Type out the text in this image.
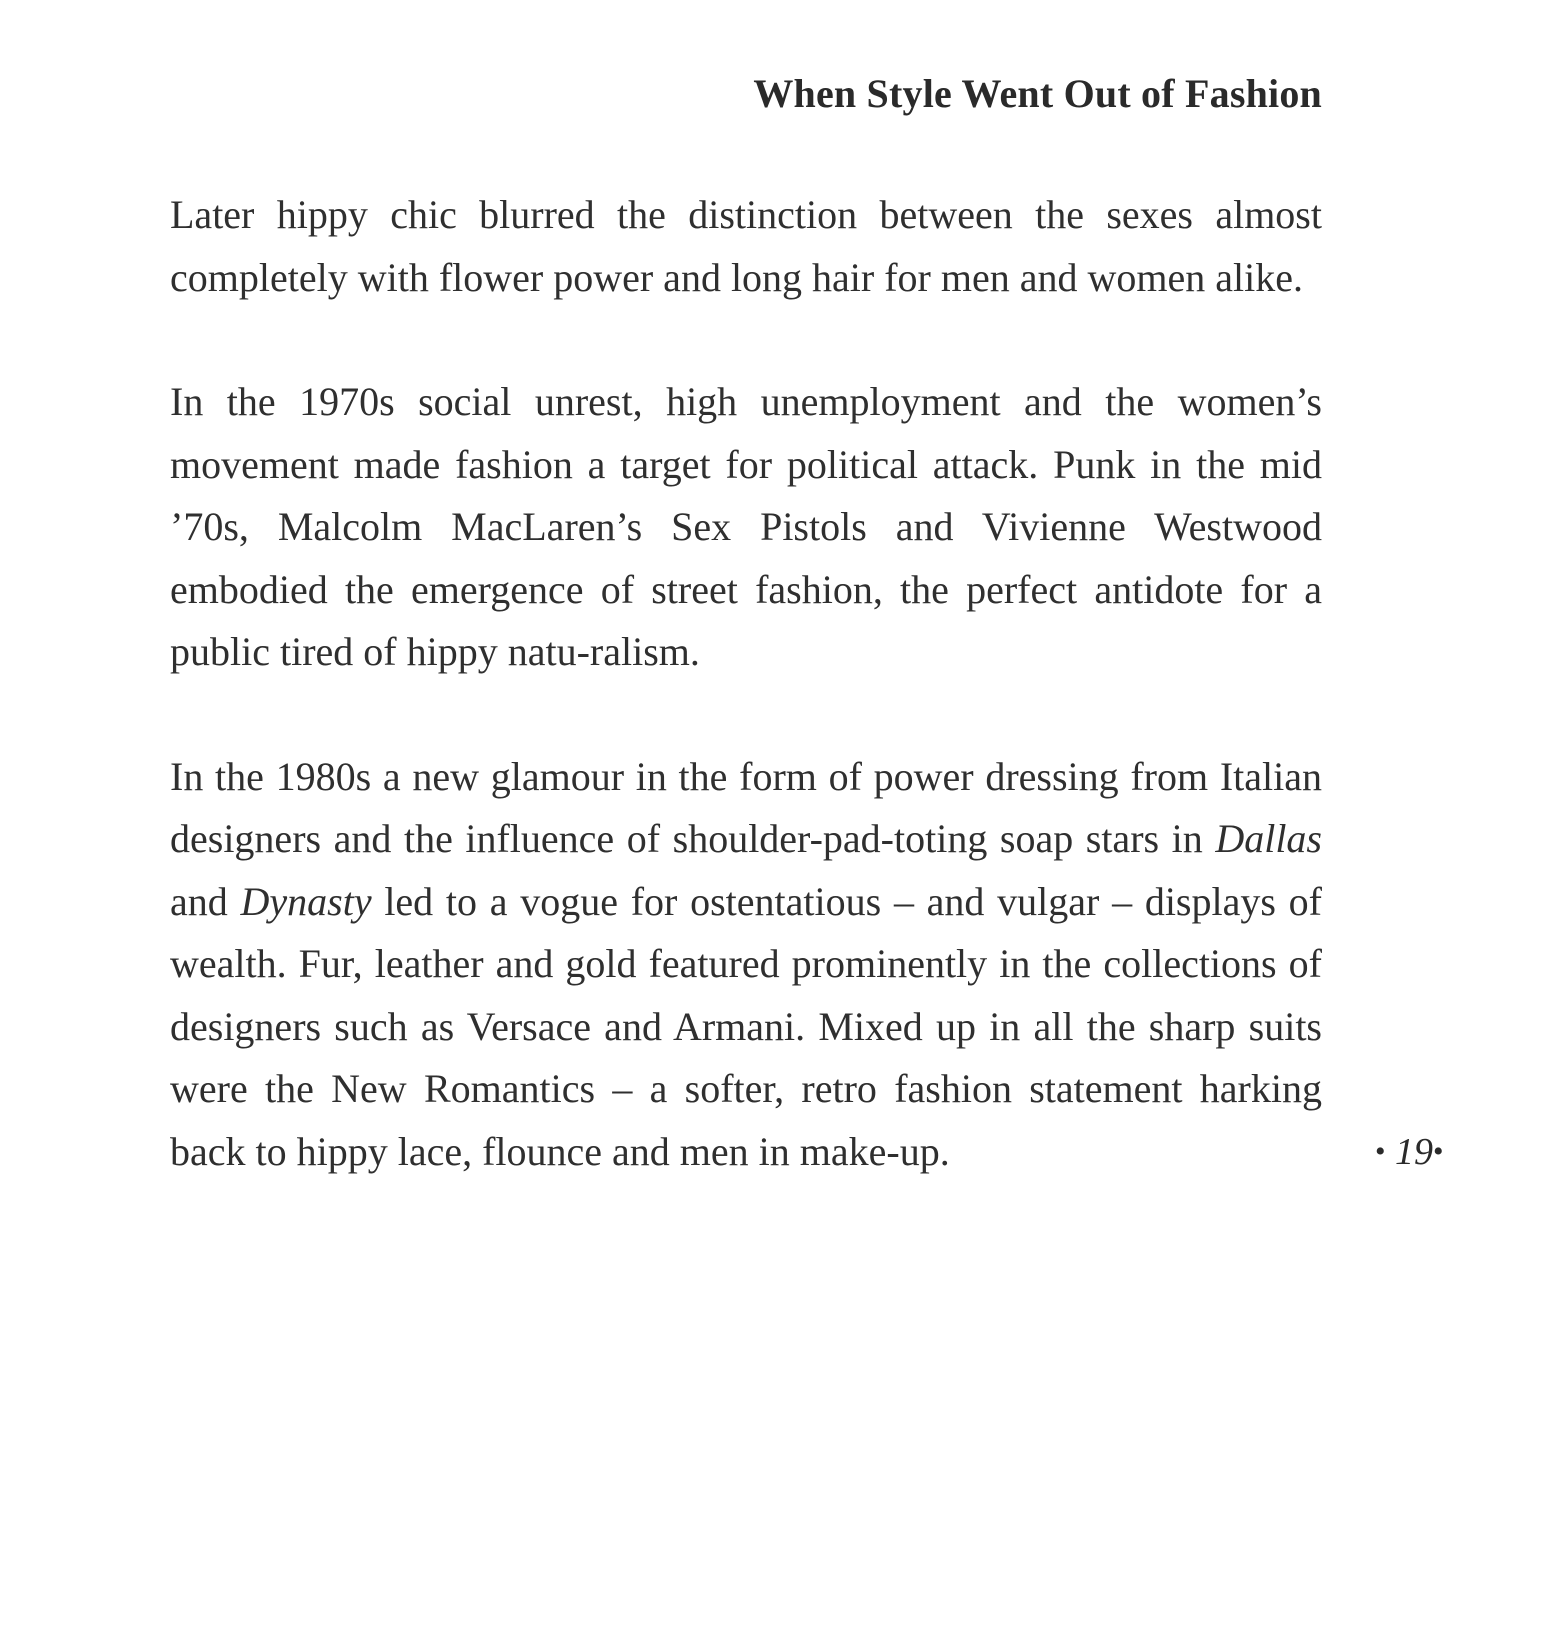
When Style Went Out of Fashion

Later hippy chic blurred the distinction between the sexes almost completely with flower power and long hair for men and women alike.

In the 1970s social unrest, high unemployment and the women’s movement made fashion a target for political attack. Punk in the mid ’70s, Malcolm MacLaren’s Sex Pistols and Vivienne Westwood embodied the emergence of street fashion, the perfect antidote for a public tired of hippy natu-ralism.

In the 1980s a new glamour in the form of power dressing from Italian designers and the influence of shoulder-pad-toting soap stars in Dallas and Dynasty led to a vogue for ostentatious – and vulgar – displays of wealth. Fur, leather and gold featured prominently in the collections of designers such as Versace and Armani. Mixed up in all the sharp suits were the New Romantics – a softer, retro fashion statement harking back to hippy lace, flounce and men in make-up.	• 19•
